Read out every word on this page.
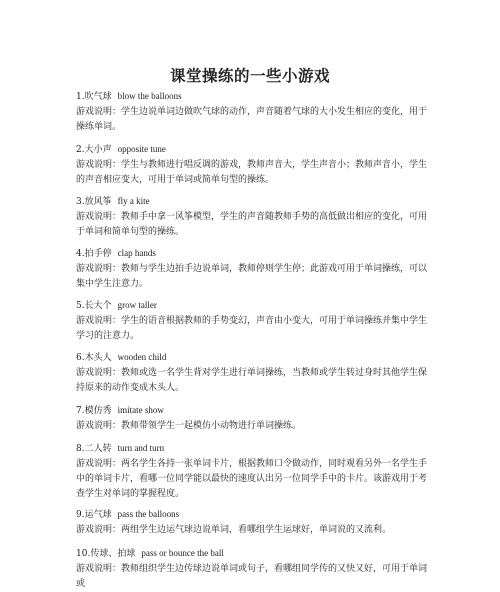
课堂操练的一些小游戏
1.吹气球 blow the balloons
游戏说明：学生边说单词边做吹气球的动作，声音随着气球的大小发生相应的变化，用于操练单词。
2.大小声 opposite tune
游戏说明：学生与教师进行唱反调的游戏，教师声音大，学生声音小；教师声音小，学生的声音相应变大，可用于单词或简单句型的操练。
3.放风筝 fly a kite
游戏说明：教师手中拿一风筝模型，学生的声音随教师手势的高低做出相应的变化，可用于单词和简单句型的操练。
4.拍手停 clap hands
游戏说明：教师与学生边拍手边说单词，教师停则学生停；此游戏可用于单词操练，可以集中学生注意力。
5.长大个 grow taller
游戏说明：学生的语音根据教师的手势变幻，声音由小变大，可用于单词操练并集中学生学习的注意力。
6.木头人 wooden child
游戏说明：教师或选一名学生背对学生进行单词操练，当教师或学生转过身时其他学生保持原来的动作变成木头人。
7.模仿秀 imitate show
游戏说明：教师带领学生一起模仿小动物进行单词操练。
8.二人转 turn and turn
游戏说明：两名学生各持一张单词卡片，根据教师口令做动作，同时观看另外一名学生手中的单词卡片，看哪一位同学能以最快的速度认出另一位同学手中的卡片。该游戏用于考查学生对单词的掌握程度。
9.运气球 pass the balloons
游戏说明：两组学生边运气球边说单词，看哪组学生运球好，单词说的又流利。
10.传球、拍球 pass or bounce the ball
游戏说明：教师组织学生边传球边说单词或句子，看哪组同学传的又快又好，可用于单词或
